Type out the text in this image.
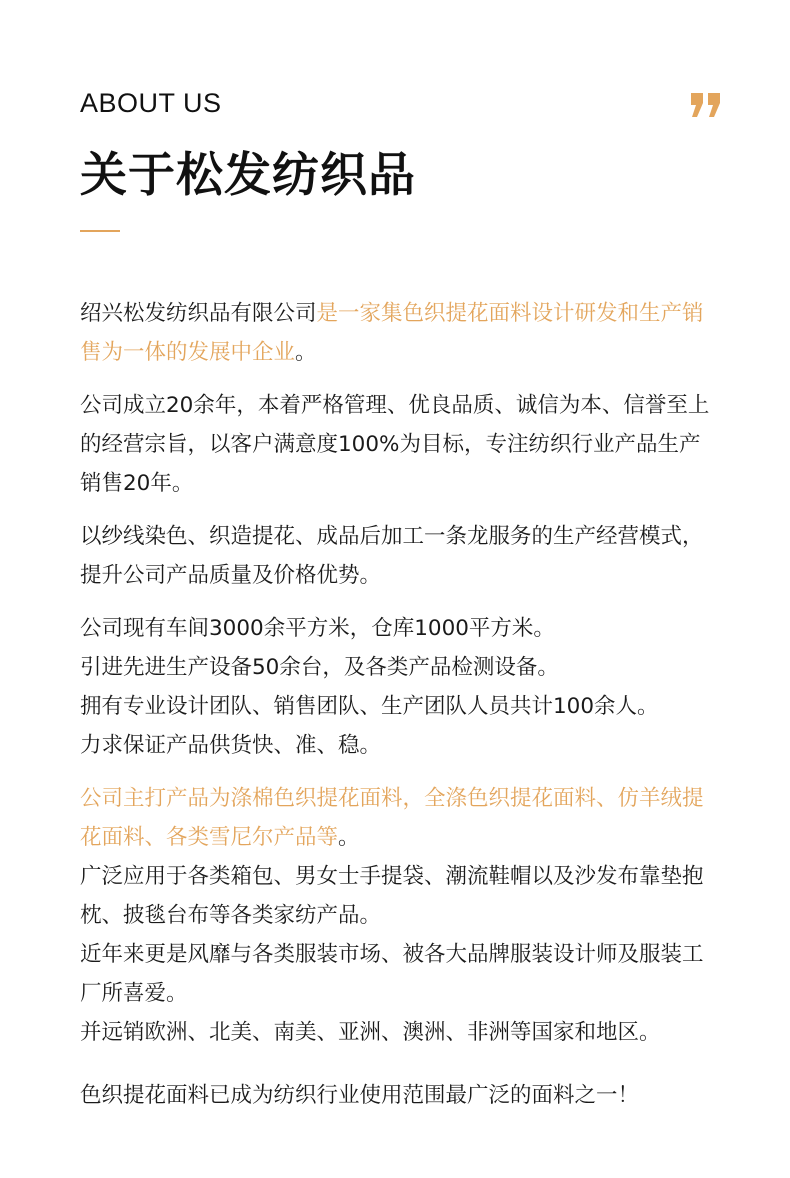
ABOUT US
关于松发纺织品

绍兴松发纺织品有限公司是一家集色织提花面料设计研发和生产销售为一体的发展中企业。

公司成立20余年，本着严格管理、优良品质、诚信为本、信誉至上的经营宗旨，以客户满意度100%为目标，专注纺织行业产品生产销售20年。

以纱线染色、织造提花、成品后加工一条龙服务的生产经营模式，提升公司产品质量及价格优势。

公司现有车间3000余平方米，仓库1000平方米。

引进先进生产设备50余台，及各类产品检测设备。

拥有专业设计团队、销售团队、生产团队人员共计100余人。

力求保证产品供货快、准、稳。

公司主打产品为涤棉色织提花面料，全涤色织提花面料、仿羊绒提花面料、各类雪尼尔产品等。

广泛应用于各类箱包、男女士手提袋、潮流鞋帽以及沙发布靠垫抱枕、披毯台布等各类家纺产品。

近年来更是风靡与各类服装市场、被各大品牌服装设计师及服装工厂所喜爱。

并远销欧洲、北美、南美、亚洲、澳洲、非洲等国家和地区。

色织提花面料已成为纺织行业使用范围最广泛的面料之一！
